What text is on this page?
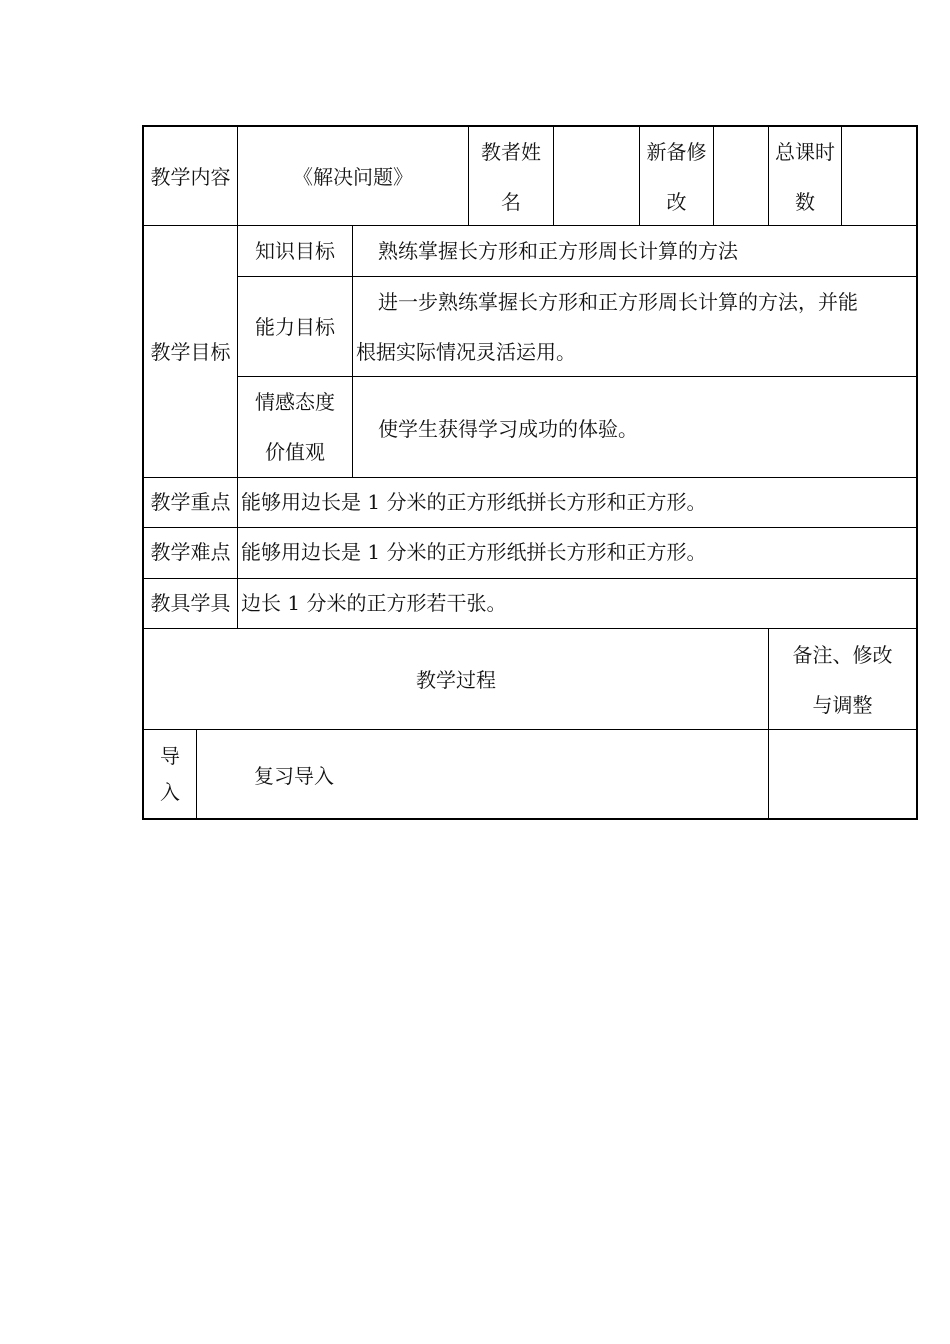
教学内容	《解决问题》
教者姓
名
新备修
改
总课时
数
教学目标
知识目标	熟练掌握长方形和正方形周长计算的方法
能力目标
进一步熟练掌握长方形和正方形周长计算的方法，并能
根据实际情况灵活运用。
情感态度
价值观
使学生获得学习成功的体验。
教学重点 能够用边长是 1 分米的正方形纸拼长方形和正方形。
教学难点 能够用边长是 1 分米的正方形纸拼长方形和正方形。
教具学具 边长 1 分米的正方形若干张。
教学过程
备注、修改
与调整
导
入
复习导入
